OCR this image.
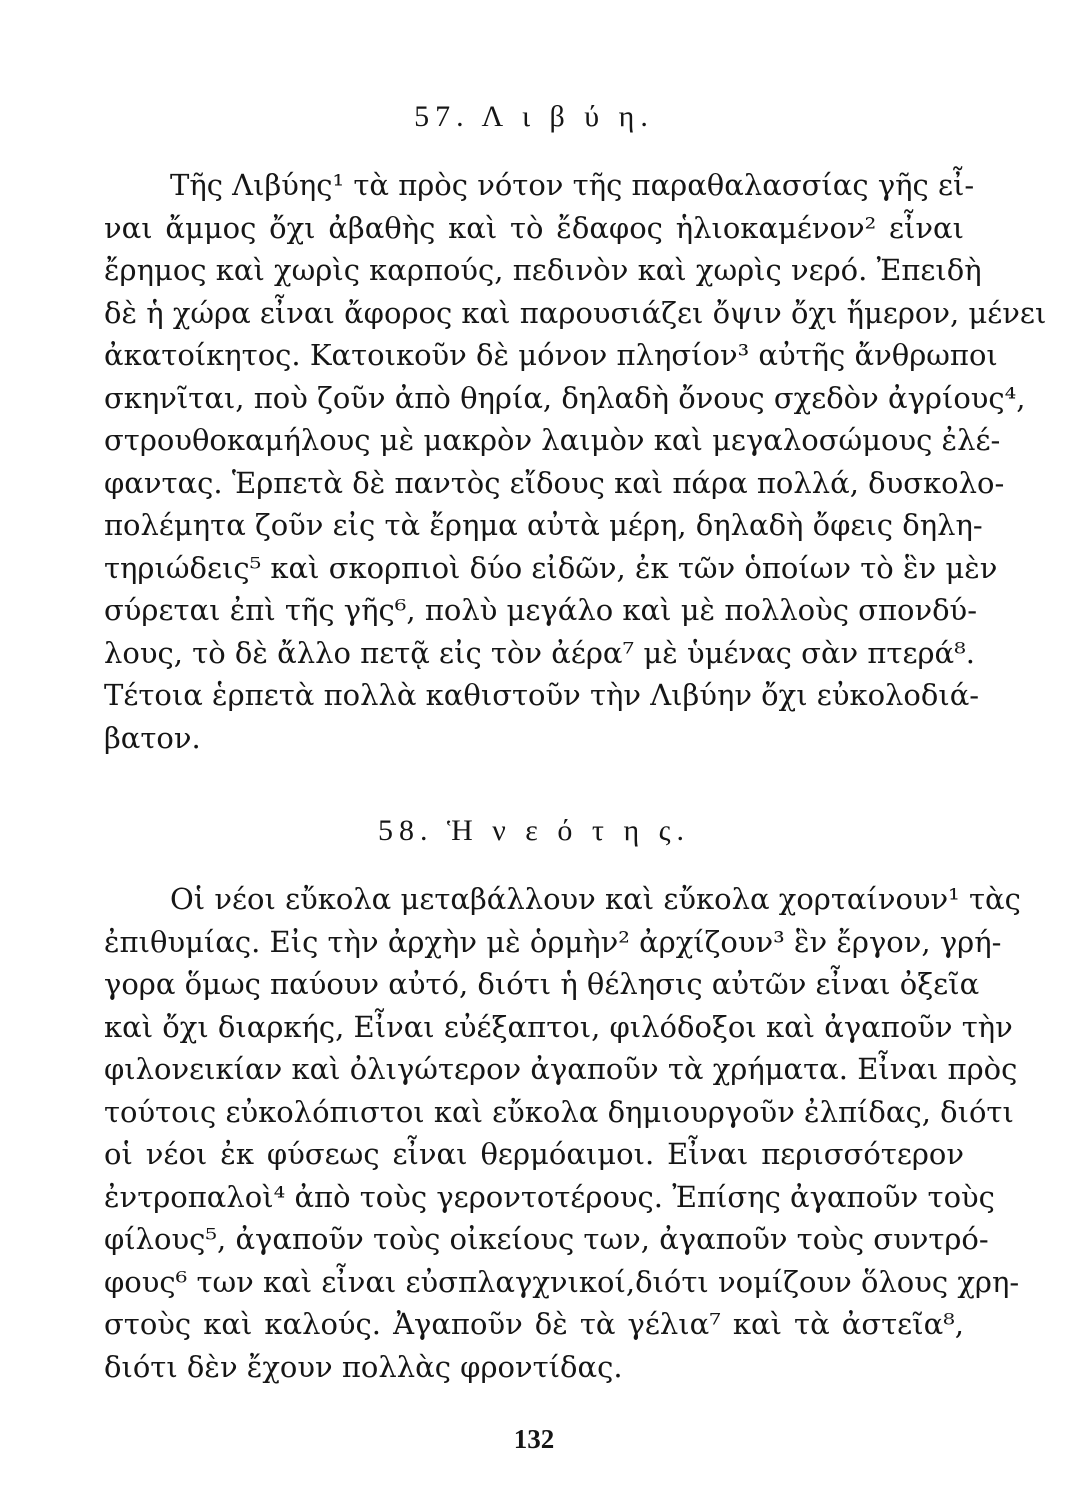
57. Λ ι β ύ η.
Τῆς Λιβύης¹ τὰ πρὸς νότον τῆς παραθαλασσίας γῆς εἶ-
ναι ἄμμος ὄχι ἀβαθὴς καὶ τὸ ἔδαφος ἡλιοκαμένον² εἶναι
ἔρημος καὶ χωρὶς καρπούς, πεδινὸν καὶ χωρὶς νερό. Ἐπειδὴ
δὲ ἡ χώρα εἶναι ἄφορος καὶ παρουσιάζει ὄψιν ὄχι ἥμερον, μένει
ἀκατοίκητος. Κατοικοῦν δὲ μόνον πλησίον³ αὐτῆς ἄνθρωποι
σκηνῖται, ποὺ ζοῦν ἀπὸ θηρία, δηλαδὴ ὄνους σχεδὸν ἀγρίους⁴,
στρουθοκαμήλους μὲ μακρὸν λαιμὸν καὶ μεγαλοσώμους ἐλέ-
φαντας. Ἑρπετὰ δὲ παντὸς εἴδους καὶ πάρα πολλά, δυσκολο-
πολέμητα ζοῦν εἰς τὰ ἔρημα αὐτὰ μέρη, δηλαδὴ ὄφεις δηλη-
τηριώδεις⁵ καὶ σκορπιοὶ δύο εἰδῶν, ἐκ τῶν ὁποίων τὸ ἓν μὲν
σύρεται ἐπὶ τῆς γῆς⁶, πολὺ μεγάλο καὶ μὲ πολλοὺς σπονδύ-
λους, τὸ δὲ ἄλλο πετᾷ εἰς τὸν ἀέρα⁷ μὲ ὑμένας σὰν πτερά⁸.
Τέτοια ἑρπετὰ πολλὰ καθιστοῦν τὴν Λιβύην ὄχι εὐκολοδιά-
βατον.
58. Ἡ ν ε ό τ η ς.
Οἱ νέοι εὔκολα μεταβάλλουν καὶ εὔκολα χορταίνουν¹ τὰς
ἐπιθυμίας. Εἰς τὴν ἀρχὴν μὲ ὁρμὴν² ἀρχίζουν³ ἓν ἔργον, γρή-
γορα ὅμως παύουν αὐτό, διότι ἡ θέλησις αὐτῶν εἶναι ὀξεῖα
καὶ ὄχι διαρκής, Εἶναι εὐέξαπτοι, φιλόδοξοι καὶ ἀγαποῦν τὴν
φιλονεικίαν καὶ ὀλιγώτερον ἀγαποῦν τὰ χρήματα. Εἶναι πρὸς
τούτοις εὐκολόπιστοι καὶ εὔκολα δημιουργοῦν ἐλπίδας, διότι
οἱ νέοι ἐκ φύσεως εἶναι θερμόαιμοι. Εἶναι περισσότερον
ἐντροπαλοὶ⁴ ἀπὸ τοὺς γεροντοτέρους. Ἐπίσης ἀγαποῦν τοὺς
φίλους⁵, ἀγαποῦν τοὺς οἰκείους των, ἀγαποῦν τοὺς συντρό-
φους⁶ των καὶ εἶναι εὐσπλαγχνικοί,διότι νομίζουν ὅλους χρη-
στοὺς καὶ καλούς. Ἀγαποῦν δὲ τὰ γέλια⁷ καὶ τὰ ἀστεῖα⁸,
διότι δὲν ἔχουν πολλὰς φροντίδας.
132
